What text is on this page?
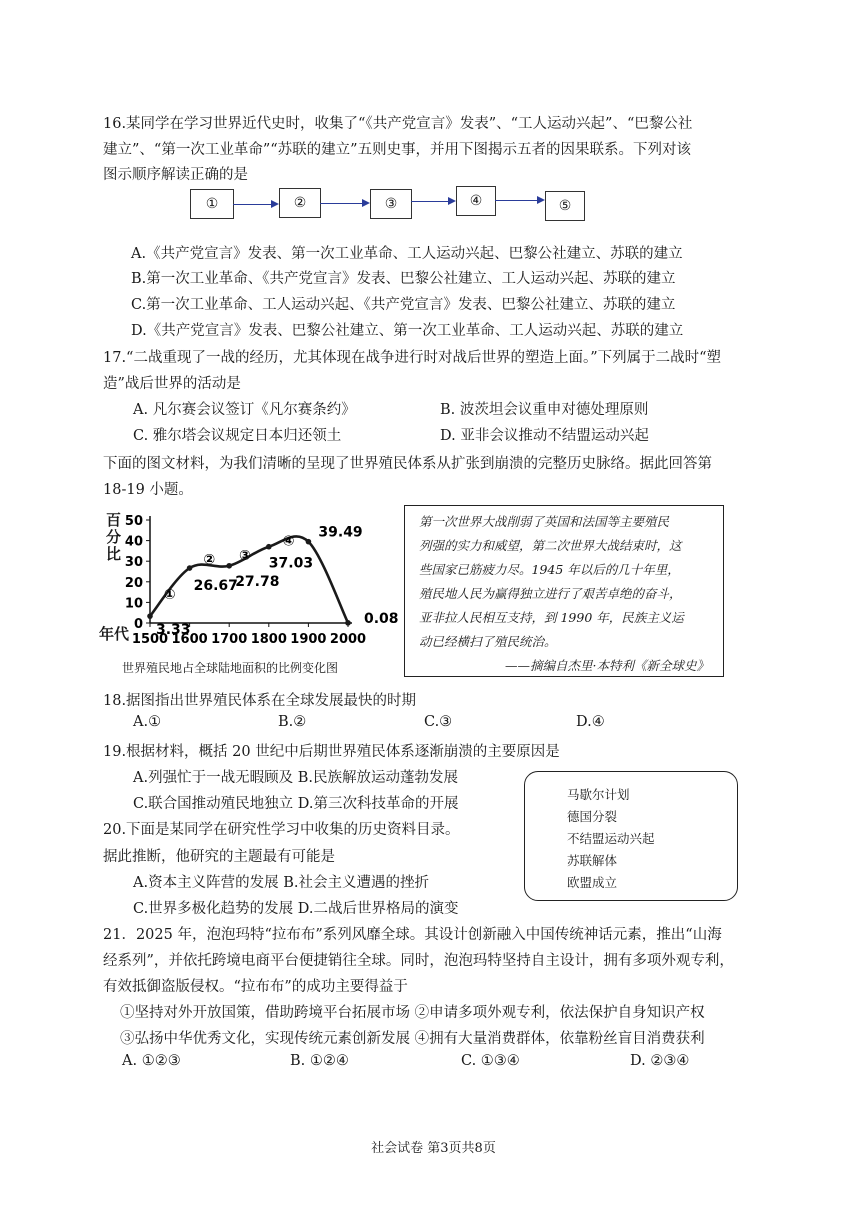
16.某同学在学习世界近代史时，收集了“《共产党宣言》发表”、“工人运动兴起”、“巴黎公社
建立”、“第一次工业革命”“苏联的建立”五则史事，并用下图揭示五者的因果联系。下列对该
图示顺序解读正确的是
①	②	③	④	⑤
A.《共产党宣言》发表、第一次工业革命、工人运动兴起、巴黎公社建立、苏联的建立
B.第一次工业革命、《共产党宣言》发表、巴黎公社建立、工人运动兴起、苏联的建立
C.第一次工业革命、工人运动兴起、《共产党宣言》发表、巴黎公社建立、苏联的建立
D.《共产党宣言》发表、巴黎公社建立、第一次工业革命、工人运动兴起、苏联的建立
17.“二战重现了一战的经历，尤其体现在战争进行时对战后世界的塑造上面。”下列属于二战时“塑
造”战后世界的活动是
A. 凡尔赛会议签订《凡尔赛条约》	B. 波茨坦会议重申对德处理原则
C. 雅尔塔会议规定日本归还领土	D. 亚非会议推动不结盟运动兴起
下面的图文材料，为我们清晰的呈现了世界殖民体系从扩张到崩溃的完整历史脉络。据此回答第
18-19 小题。
百分比
年代
0
10
20
30
40
50
1500 1600 1700 1800 1900 2000
3.33
26.67
27.78
37.03
39.49
0.08
①
② ③
④
世界殖民地占全球陆地面积的比例变化图
第一次世界大战削弱了英国和法国等主要殖民
列强的实力和威望，第二次世界大战结束时，这
些国家已筋疲力尽。1945 年以后的几十年里，
殖民地人民为赢得独立进行了艰苦卓绝的奋斗，
亚非拉人民相互支持，到 1990 年，民族主义运
动已经横扫了殖民统治。
——摘编自杰里·本特利《新全球史》
18.据图指出世界殖民体系在全球发展最快的时期
A.①	B.②	C.③	D.④
19.根据材料，概括 20 世纪中后期世界殖民体系逐渐崩溃的主要原因是
A.列强忙于一战无暇顾及 B.民族解放运动蓬勃发展
C.联合国推动殖民地独立 D.第三次科技革命的开展
20.下面是某同学在研究性学习中收集的历史资料目录。
据此推断，他研究的主题最有可能是
A.资本主义阵营的发展 B.社会主义遭遇的挫折
C.世界多极化趋势的发展 D.二战后世界格局的演变
马歇尔计划
德国分裂
不结盟运动兴起
苏联解体
欧盟成立
21．2025 年，泡泡玛特“拉布布”系列风靡全球。其设计创新融入中国传统神话元素，推出“山海
经系列”，并依托跨境电商平台便捷销往全球。同时，泡泡玛特坚持自主设计，拥有多项外观专利，
有效抵御盗版侵权。“拉布布”的成功主要得益于
①坚持对外开放国策，借助跨境平台拓展市场 ②申请多项外观专利，依法保护自身知识产权
③弘扬中华优秀文化，实现传统元素创新发展 ④拥有大量消费群体，依靠粉丝盲目消费获利
A. ①②③	B. ①②④	C. ①③④	D. ②③④
社会试卷 第3页共8页
